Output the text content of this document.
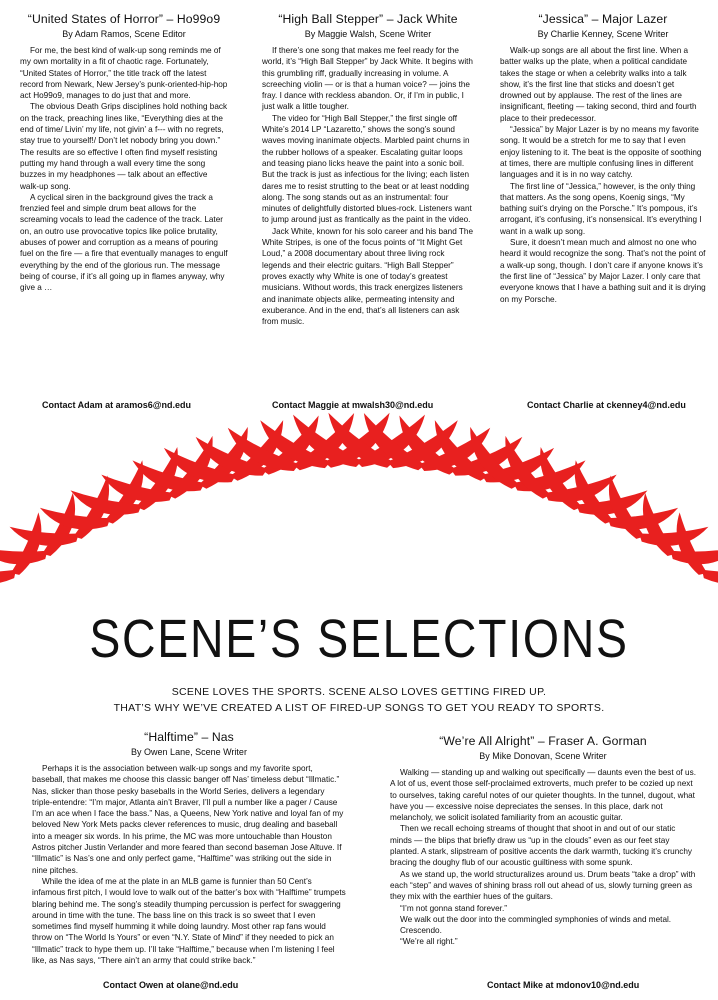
“United States of Horror” – Ho99o9
By Adam Ramos, Scene Editor

For me, the best kind of walk-up song reminds me of my own mortality in a fit of chaotic rage. Fortunately, “United States of Horror,” the title track off the latest record from Newark, New Jersey’s punk-oriented-hip-hop act Ho99o9, manages to do just that and more.

The obvious Death Grips disciplines hold nothing back on the track, preaching lines like, “Everything dies at the end of time/ Livin’ my life, not givin’ a f--- with no regrets, stay true to yourself!/ Don’t let nobody bring you down.” The results are so effective I often find myself resisting putting my hand through a wall every time the song buzzes in my headphones — talk about an effective walk-up song.

A cyclical siren in the background gives the track a frenzied feel and simple drum beat allows for the screaming vocals to lead the cadence of the track. Later on, an outro use provocative topics like police brutality, abuses of power and corruption as a means of pouring fuel on the fire — a fire that eventually manages to engulf everything by the end of the glorious run. The message being of course, if it’s all going up in flames anyway, why give a …

“High Ball Stepper” – Jack White
By Maggie Walsh, Scene Writer

If there’s one song that makes me feel ready for the world, it’s “High Ball Stepper” by Jack White. It begins with this grumbling riff, gradually increasing in volume. A screeching violin — or is that a human voice? — joins the fray. I dance with reckless abandon. Or, if I’m in public, I just walk a little tougher.

The video for “High Ball Stepper,” the first single off White’s 2014 LP “Lazaretto,” shows the song’s sound waves moving inanimate objects. Marbled paint churns in the rubber hollows of a speaker. Escalating guitar loops and teasing piano licks heave the paint into a sonic boil. But the track is just as infectious for the living; each listen dares me to resist strutting to the beat or at least nodding along. The song stands out as an instrumental: four minutes of delightfully distorted blues-rock. Listeners want to jump around just as frantically as the paint in the video.

Jack White, known for his solo career and his band The White Stripes, is one of the focus points of “It Might Get Loud,” a 2008 documentary about three living rock legends and their electric guitars. “High Ball Stepper” proves exactly why White is one of today’s greatest musicians. Without words, this track energizes listeners and inanimate objects alike, permeating intensity and exuberance. And in the end, that’s all listeners can ask from music.

“Jessica” – Major Lazer
By Charlie Kenney, Scene Writer

Walk-up songs are all about the first line. When a batter walks up the plate, when a political candidate takes the stage or when a celebrity walks into a talk show, it’s the first line that sticks and doesn’t get drowned out by applause. The rest of the lines are insignificant, fleeting — taking second, third and fourth place to their predecessor.

“Jessica” by Major Lazer is by no means my favorite song. It would be a stretch for me to say that I even enjoy listening to it. The beat is the opposite of soothing at times, there are multiple confusing lines in different languages and it is in no way catchy.

The first line of “Jessica,” however, is the only thing that matters. As the song opens, Koenig sings, “My bathing suit’s drying on the Porsche.” It’s pompous, it’s arrogant, it’s confusing, it’s nonsensical. It’s everything I want in a walk up song.

Sure, it doesn’t mean much and almost no one who heard it would recognize the song. That’s not the point of a walk-up song, though. I don’t care if anyone knows it’s the first line of “Jessica” by Major Lazer. I only care that everyone knows that I have a bathing suit and it is drying on my Porsche.

Contact Adam at aramos6@nd.edu	Contact Maggie at mwalsh30@nd.edu	Contact Charlie at ckenney4@nd.edu
SCENE’S SELECTIONS
SCENE LOVES THE SPORTS. SCENE ALSO LOVES GETTING FIRED UP.
THAT’S WHY WE’VE CREATED A LIST OF FIRED-UP SONGS TO GET YOU READY TO SPORTS.
“Halftime” – Nas
By Owen Lane, Scene Writer

Perhaps it is the association between walk-up songs and my favorite sport, baseball, that makes me choose this classic banger off Nas’ timeless debut “Illmatic.” Nas, slicker than those pesky baseballs in the World Series, delivers a legendary triple-entendre: “I’m major, Atlanta ain’t Braver, I’ll pull a number like a pager / Cause I’m an ace when I face the bass.” Nas, a Queens, New York native and loyal fan of my beloved New York Mets packs clever references to music, drug dealing and baseball into a meager six words. In his prime, the MC was more untouchable than Houston Astros pitcher Justin Verlander and more feared than second baseman Jose Altuve. If “Illmatic” is Nas’s one and only perfect game, “Halftime” was striking out the side in nine pitches.

While the idea of me at the plate in an MLB game is funnier than 50 Cent’s infamous first pitch, I would love to walk out of the batter’s box with “Halftime” trumpets blaring behind me. The song’s steadily thumping percussion is perfect for swaggering around in time with the tune. The bass line on this track is so sweet that I even sometimes find myself humming it while doing laundry. Most other rap fans would throw on “The World Is Yours” or even “N.Y. State of Mind” if they needed to pick an “Illmatic” track to hype them up. I’ll take “Halftime,” because when I’m listening I feel like, as Nas says, “There ain’t an army that could strike back.”

“We’re All Alright” – Fraser A. Gorman
By Mike Donovan, Scene Writer

Walking — standing up and walking out specifically — daunts even the best of us. A lot of us, event those self-proclaimed extroverts, much prefer to be cozied up next to ourselves, taking careful notes of our quieter thoughts. In the tunnel, dugout, what have you — excessive noise depreciates the senses. In this place, dark not melancholy, we solicit isolated familiarity from an acoustic guitar.

Then we recall echoing streams of thought that shoot in and out of our static minds — the blips that briefly draw us “up in the clouds” even as our feet stay planted. A stark, slipstream of positive accents the dark warmth, tucking it’s crunchy bracing the doughy flub of our acoustic guiltiness with some spunk.

As we stand up, the world structuralizes around us. Drum beats “take a drop” with each “step” and waves of shining brass roll out ahead of us, slowly turning green as they mix with the earthier hues of the guitars.

“I’m not gonna stand forever.”

We walk out the door into the commingled symphonies of winds and metal.

Crescendo.

“We’re all right.”

Contact Owen at olane@nd.edu	Contact Mike at mdonov10@nd.edu
